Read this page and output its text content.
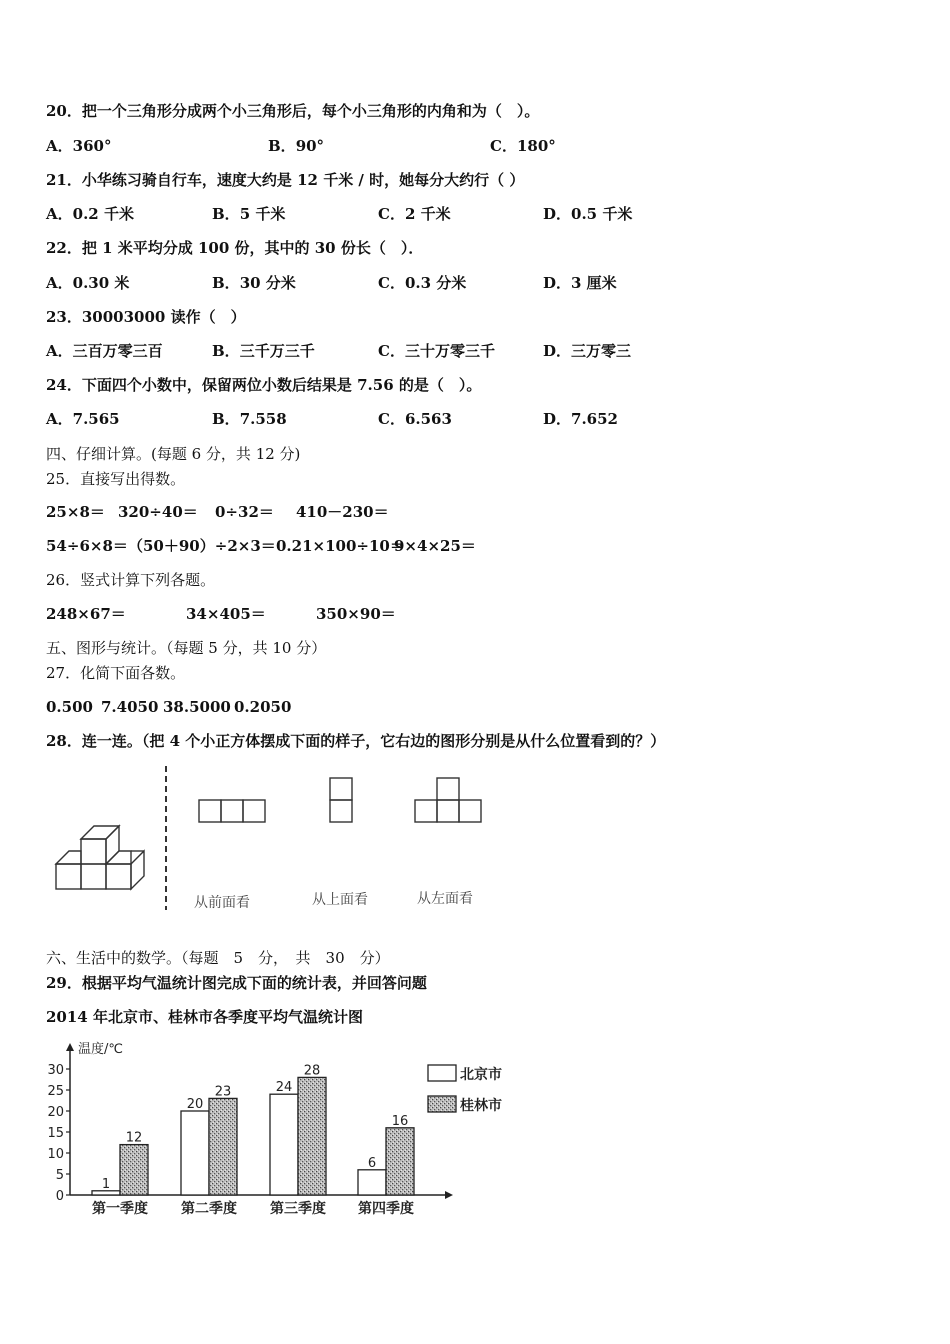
20．把一个三角形分成两个小三角形后，每个小三角形的内角和为（　）。
A．360°	B．90°	C．180°
21．小华练习骑自行车，速度大约是 12 千米 / 时，她每分大约行（ ）
A．0.2 千米	B．5 千米	C．2 千米	D．0.5 千米
22．把 1 米平均分成 100 份，其中的 30 份长（　）．
A．0.30 米	B．30 分米	C．0.3 分米	D．3 厘米
23．30003000 读作（　）
A．三百万零三百	B．三千万三千	C．三十万零三千	D．三万零三
24．下面四个小数中，保留两位小数后结果是 7.56 的是（　）。
A．7.565	B．7.558	C．6.563	D．7.652
四、仔细计算。(每题 6 分，共 12 分)
25．直接写出得数。
25×8＝ 320÷40＝ 0÷32＝ 410－230＝
54÷6×8＝ （50＋90）÷2×3＝ 0.21×100÷10＝
9×4×25＝
26．竖式计算下列各题。
248×67＝	34×405＝	350×90＝
五、图形与统计。（每题 5 分，共 10 分）
27．化简下面各数。
0.500 7.4050 38.5000 0.2050
28．连一连。（把 4 个小正方体摆成下面的样子，它右边的图形分别是从什么位置看到的？）
从前面看	从上面看	从左面看
六、生活中的数学。（每题　5　分，　共　30　分）
29．根据平均气温统计图完成下面的统计表，并回答问题
2014 年北京市、桂林市各季度平均气温统计图
温度/℃
0
5
10
15
20
25
30
1
12
20
23	24
28
6
16
第一季度 第二季度 第三季度 第四季度
北京市
桂林市
